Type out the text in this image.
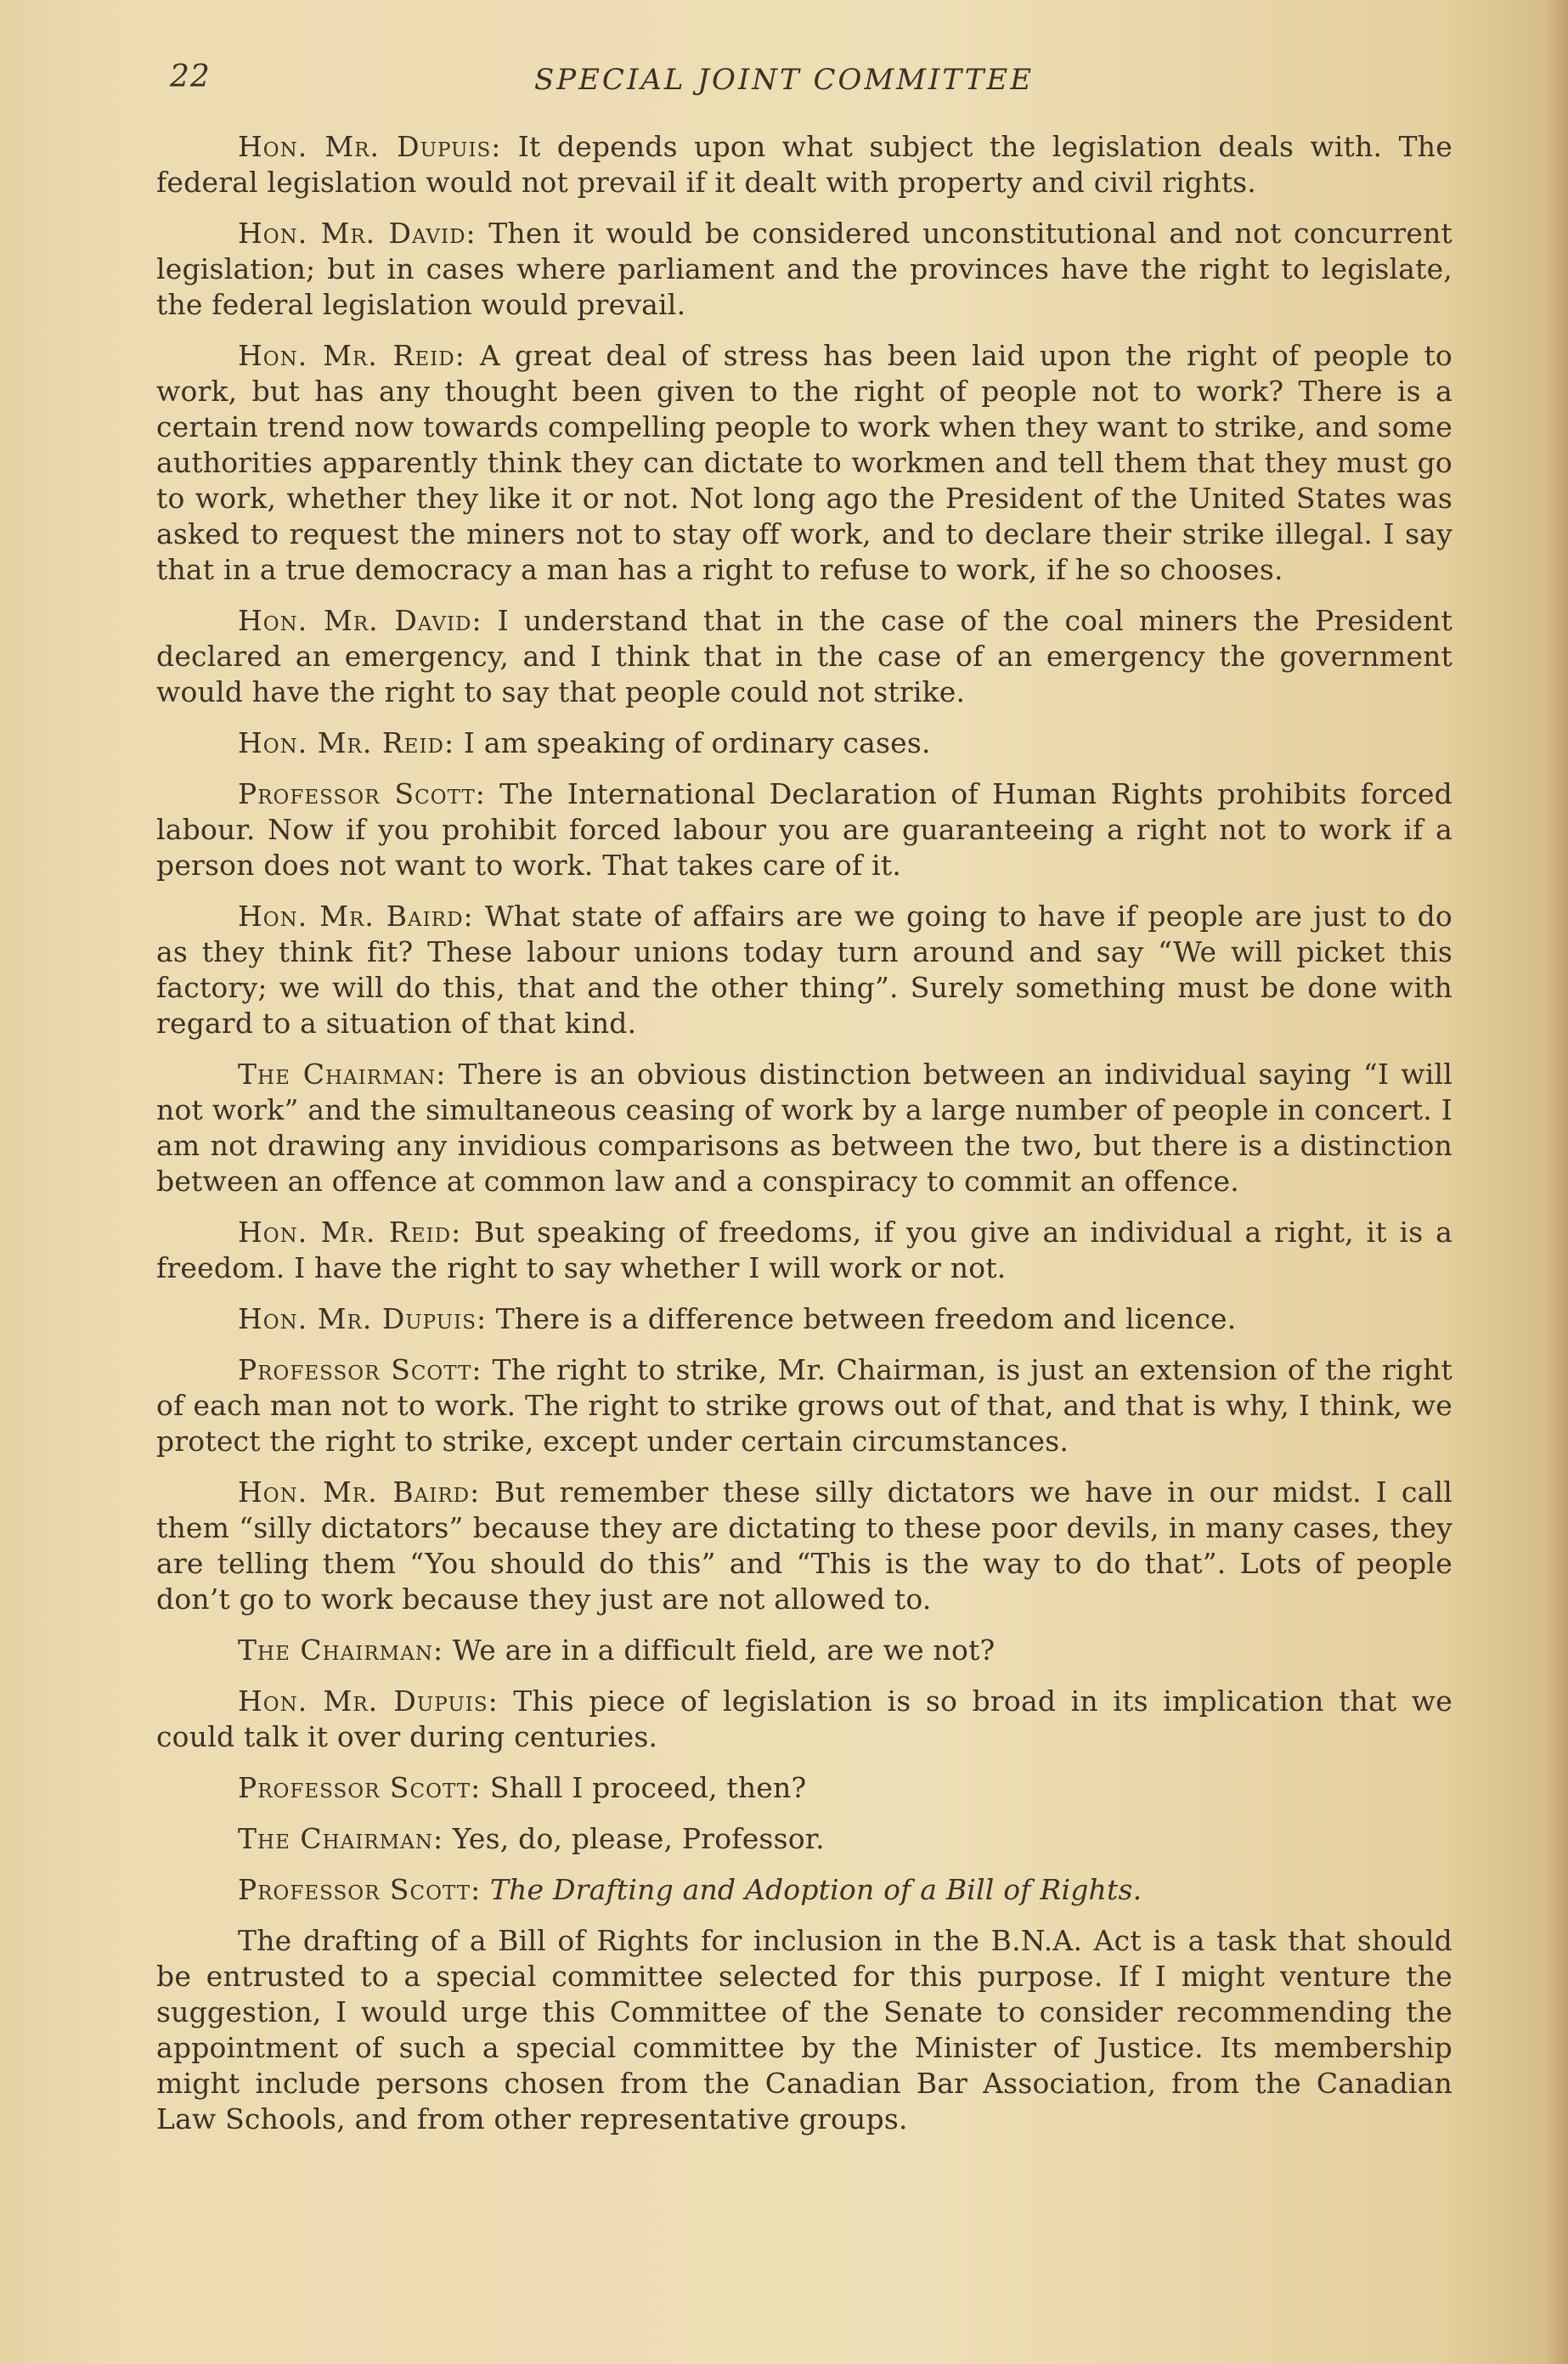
22	SPECIAL JOINT COMMITTEE

Hon. Mr. Dupuis: It depends upon what subject the legislation deals with. The federal legislation would not prevail if it dealt with property and civil rights.

Hon. Mr. David: Then it would be considered unconstitutional and not concurrent legislation; but in cases where parliament and the provinces have the right to legislate, the federal legislation would prevail.

Hon. Mr. Reid: A great deal of stress has been laid upon the right of people to work, but has any thought been given to the right of people not to work? There is a certain trend now towards compelling people to work when they want to strike, and some authorities apparently think they can dictate to workmen and tell them that they must go to work, whether they like it or not. Not long ago the President of the United States was asked to request the miners not to stay off work, and to declare their strike illegal. I say that in a true democracy a man has a right to refuse to work, if he so chooses.

Hon. Mr. David: I understand that in the case of the coal miners the President declared an emergency, and I think that in the case of an emergency the government would have the right to say that people could not strike.

Hon. Mr. Reid: I am speaking of ordinary cases.

Professor Scott: The International Declaration of Human Rights prohibits forced labour. Now if you prohibit forced labour you are guaranteeing a right not to work if a person does not want to work. That takes care of it.

Hon. Mr. Baird: What state of affairs are we going to have if people are just to do as they think fit? These labour unions today turn around and say “We will picket this factory; we will do this, that and the other thing”. Surely something must be done with regard to a situation of that kind.

The Chairman: There is an obvious distinction between an individual saying “I will not work” and the simultaneous ceasing of work by a large number of people in concert. I am not drawing any invidious comparisons as between the two, but there is a distinction between an offence at common law and a conspiracy to commit an offence.

Hon. Mr. Reid: But speaking of freedoms, if you give an individual a right, it is a freedom. I have the right to say whether I will work or not.

Hon. Mr. Dupuis: There is a difference between freedom and licence.

Professor Scott: The right to strike, Mr. Chairman, is just an extension of the right of each man not to work. The right to strike grows out of that, and that is why, I think, we protect the right to strike, except under certain circumstances.

Hon. Mr. Baird: But remember these silly dictators we have in our midst. I call them “silly dictators” because they are dictating to these poor devils, in many cases, they are telling them “You should do this” and “This is the way to do that”. Lots of people don’t go to work because they just are not allowed to.

The Chairman: We are in a difficult field, are we not?

Hon. Mr. Dupuis: This piece of legislation is so broad in its implication that we could talk it over during centuries.

Professor Scott: Shall I proceed, then?

The Chairman: Yes, do, please, Professor.

Professor Scott: The Drafting and Adoption of a Bill of Rights.

The drafting of a Bill of Rights for inclusion in the B.N.A. Act is a task that should be entrusted to a special committee selected for this purpose. If I might venture the suggestion, I would urge this Committee of the Senate to consider recommending the appointment of such a special committee by the Minister of Justice. Its membership might include persons chosen from the Canadian Bar Association, from the Canadian Law Schools, and from other representative groups.
